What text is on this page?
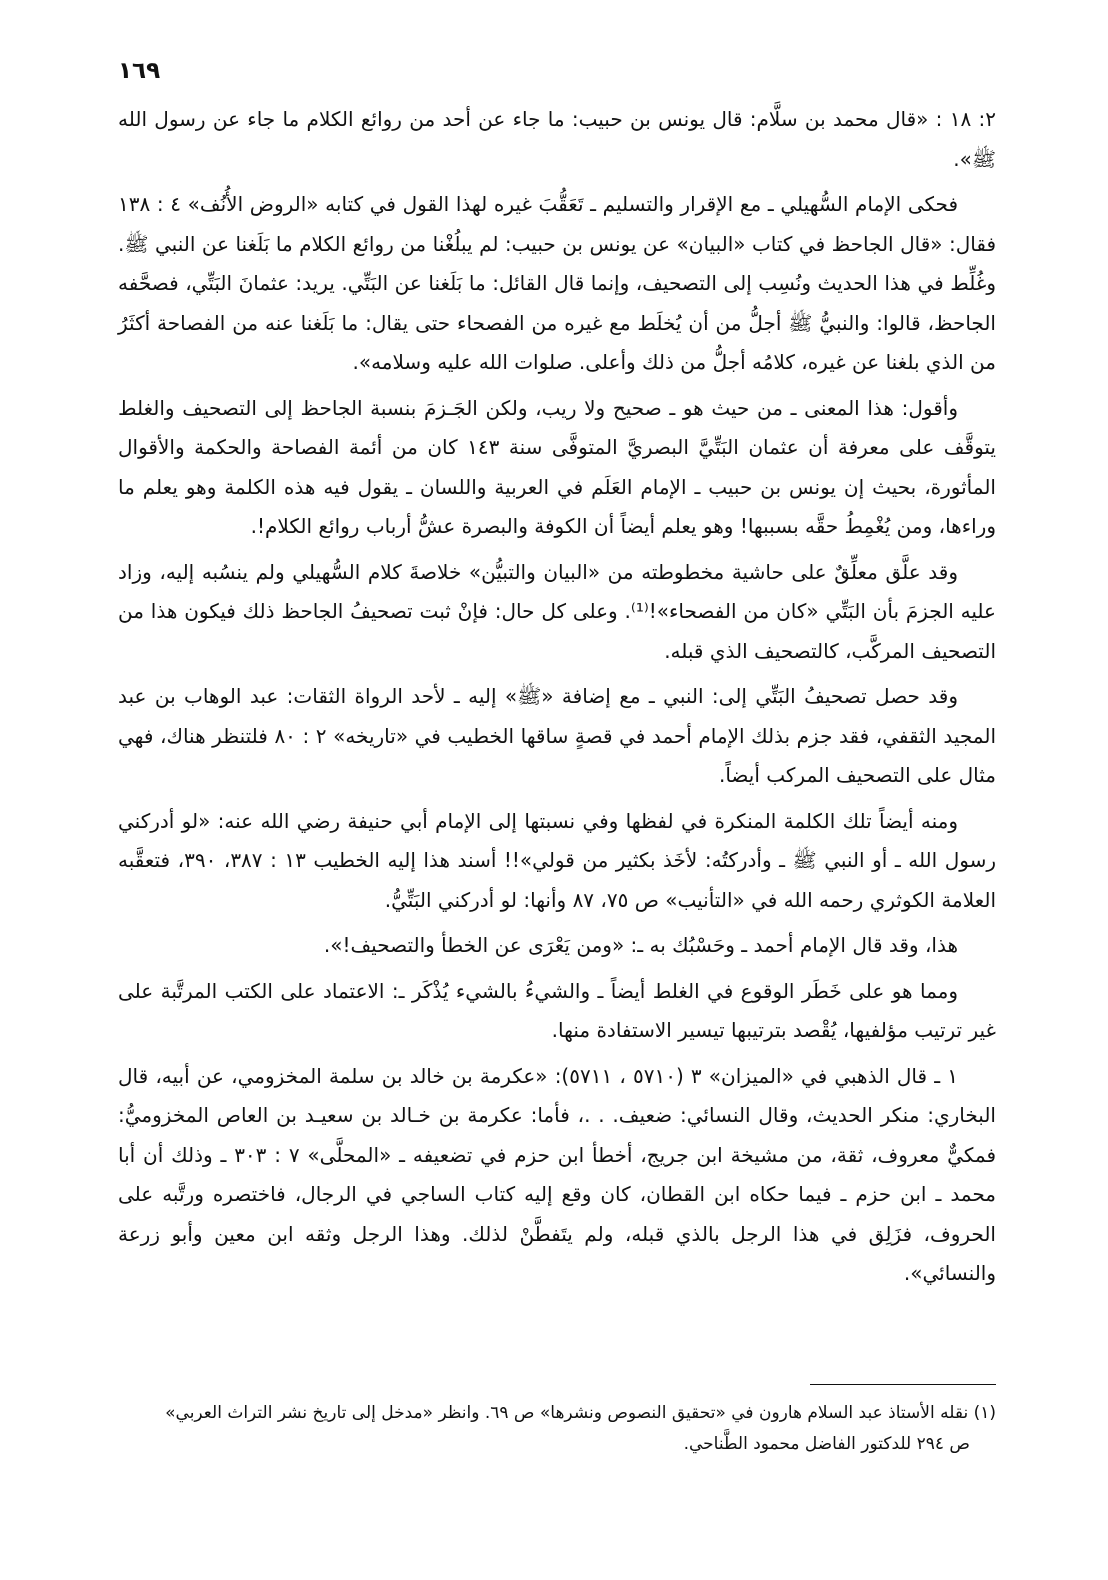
١٦٩

٢: ١٨ : «قال محمد بن سلَّام: قال يونس بن حبيب: ما جاء عن أحد من روائع الكلام ما جاء عن رسول الله ﷺ».

فحكى الإمام السُّهيلي ـ مع الإقرار والتسليم ـ تَعَقُّبَ غيره لهذا القول في كتابه «الروض الأُنُف» ٤ : ١٣٨ فقال: «قال الجاحظ في كتاب «البيان» عن يونس بن حبيب: لم يبلُغْنا من روائع الكلام ما بَلَغنا عن النبي ﷺ. وغُلِّط في هذا الحديث ونُسِب إلى التصحيف، وإنما قال القائل: ما بَلَغنا عن البَتِّي. يريد: عثمانَ البَتِّي، فصحَّفه الجاحظ، قالوا: والنبيُّ ﷺ أجلُّ من أن يُخلَط مع غيره من الفصحاء حتى يقال: ما بَلَغنا عنه من الفصاحة أكثَرُ من الذي بلغنا عن غيره، كلامُه أجلُّ من ذلك وأعلى. صلوات الله عليه وسلامه».

وأقول: هذا المعنى ـ من حيث هو ـ صحيح ولا ريب، ولكن الجَـزمَ بنسبة الجاحظ إلى التصحيف والغلط يتوقَّف على معرفة أن عثمان البَتِّيَّ البصريَّ المتوفَّى سنة ١٤٣ كان من أئمة الفصاحة والحكمة والأقوال المأثورة، بحيث إن يونس بن حبيب ـ الإمام العَلَم في العربية واللسان ـ يقول فيه هذه الكلمة وهو يعلم ما وراءها، ومن يُغْمِطُ حقَّه بسببها! وهو يعلم أيضاً أن الكوفة والبصرة عشُّ أرباب روائع الكلام!.

وقد علَّق معلِّقٌ على حاشية مخطوطته من «البيان والتبيُّن» خلاصةَ كلام السُّهيلي ولم ينسُبه إليه، وزاد عليه الجزمَ بأن البَتِّي «كان من الفصحاء»!⁽¹⁾. وعلى كل حال: فإنْ ثبت تصحيفُ الجاحظ ذلك فيكون هذا من التصحيف المركَّب، كالتصحيف الذي قبله.

وقد حصل تصحيفُ البَتِّي إلى: النبي ـ مع إضافة «ﷺ» إليه ـ لأحد الرواة الثقات: عبد الوهاب بن عبد المجيد الثقفي، فقد جزم بذلك الإمام أحمد في قصةٍ ساقها الخطيب في «تاريخه» ٢ : ٨٠ فلتنظر هناك، فهي مثال على التصحيف المركب أيضاً.

ومنه أيضاً تلك الكلمة المنكرة في لفظها وفي نسبتها إلى الإمام أبي حنيفة رضي الله عنه: «لو أدركني رسول الله ـ أو النبي ﷺ ـ وأدركتُه: لأخَذ بكثير من قولي»!! أسند هذا إليه الخطيب ١٣ : ٣٨٧، ٣٩٠، فتعقَّبه العلامة الكوثري رحمه الله في «التأنيب» ص ٧٥، ٨٧ وأنها: لو أدركني البَتِّيُّ.

هذا، وقد قال الإمام أحمد ـ وحَسْبُك به ـ: «ومن يَعْرَى عن الخطأ والتصحيف!».

ومما هو على خَطَر الوقوع في الغلط أيضاً ـ والشيءُ بالشيء يُذْكَر ـ: الاعتماد على الكتب المرتَّبة على غير ترتيب مؤلفيها، يُقْصد بترتيبها تيسير الاستفادة منها.

١ ـ قال الذهبي في «الميزان» ٣ (٥٧١٠ ، ٥٧١١): «عكرمة بن خالد بن سلمة المخزومي، عن أبيه، قال البخاري: منكر الحديث، وقال النسائي: ضعيف. . .، فأما: عكرمة بن خـالد بن سعيـد بن العاص المخزوميُّ: فمكيٌّ معروف، ثقة، من مشيخة ابن جريج، أخطأ ابن حزم في تضعيفه ـ «المحلَّى» ٧ : ٣٠٣ ـ وذلك أن أبا محمد ـ ابن حزم ـ فيما حكاه ابن القطان، كان وقع إليه كتاب الساجي في الرجال، فاختصره ورتَّبه على الحروف، فزَلِق في هذا الرجل بالذي قبله، ولم يتَفطَّنْ لذلك. وهذا الرجل وثقه ابن معين وأبو زرعة والنسائي».

(١) نقله الأستاذ عبد السلام هارون في «تحقيق النصوص ونشرها» ص ٦٩. وانظر «مدخل إلى تاريخ نشر التراث العربي»

ص ٢٩٤ للدكتور الفاضل محمود الطَّناحي.
